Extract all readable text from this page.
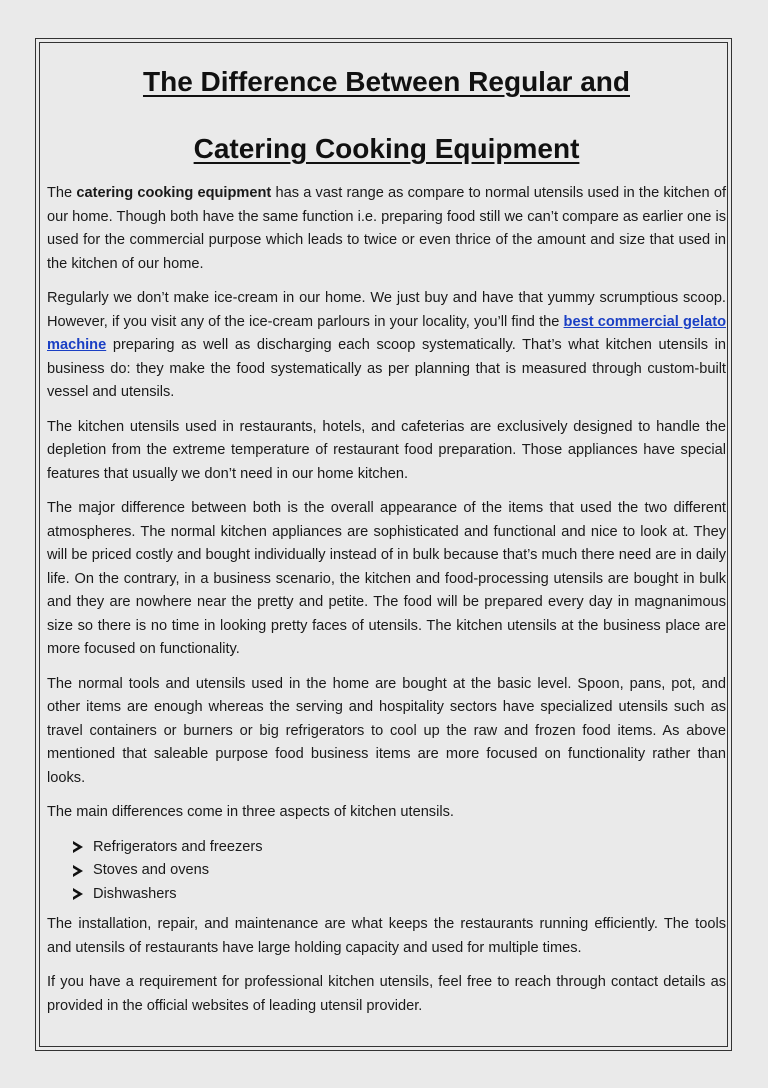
The Difference Between Regular and
Catering Cooking Equipment

The catering cooking equipment has a vast range as compare to normal utensils used in the kitchen of our home. Though both have the same function i.e. preparing food still we can’t compare as earlier one is used for the commercial purpose which leads to twice or even thrice of the amount and size that used in the kitchen of our home.

Regularly we don’t make ice-cream in our home. We just buy and have that yummy scrumptious scoop. However, if you visit any of the ice-cream parlours in your locality, you’ll find the best commercial gelato machine preparing as well as discharging each scoop systematically. That’s what kitchen utensils in business do: they make the food systematically as per planning that is measured through custom-built vessel and utensils.

The kitchen utensils used in restaurants, hotels, and cafeterias are exclusively designed to handle the depletion from the extreme temperature of restaurant food preparation. Those appliances have special features that usually we don’t need in our home kitchen.

The major difference between both is the overall appearance of the items that used the two different atmospheres. The normal kitchen appliances are sophisticated and functional and nice to look at. They will be priced costly and bought individually instead of in bulk because that’s much there need are in daily life. On the contrary, in a business scenario, the kitchen and food-processing utensils are bought in bulk and they are nowhere near the pretty and petite. The food will be prepared every day in magnanimous size so there is no time in looking pretty faces of utensils. The kitchen utensils at the business place are more focused on functionality.

The normal tools and utensils used in the home are bought at the basic level. Spoon, pans, pot, and other items are enough whereas the serving and hospitality sectors have specialized utensils such as travel containers or burners or big refrigerators to cool up the raw and frozen food items. As above mentioned that saleable purpose food business items are more focused on functionality rather than looks.

The main differences come in three aspects of kitchen utensils.

Refrigerators and freezers
Stoves and ovens
Dishwashers

The installation, repair, and maintenance are what keeps the restaurants running efficiently. The tools and utensils of restaurants have large holding capacity and used for multiple times.

If you have a requirement for professional kitchen utensils, feel free to reach through contact details as provided in the official websites of leading utensil provider.
